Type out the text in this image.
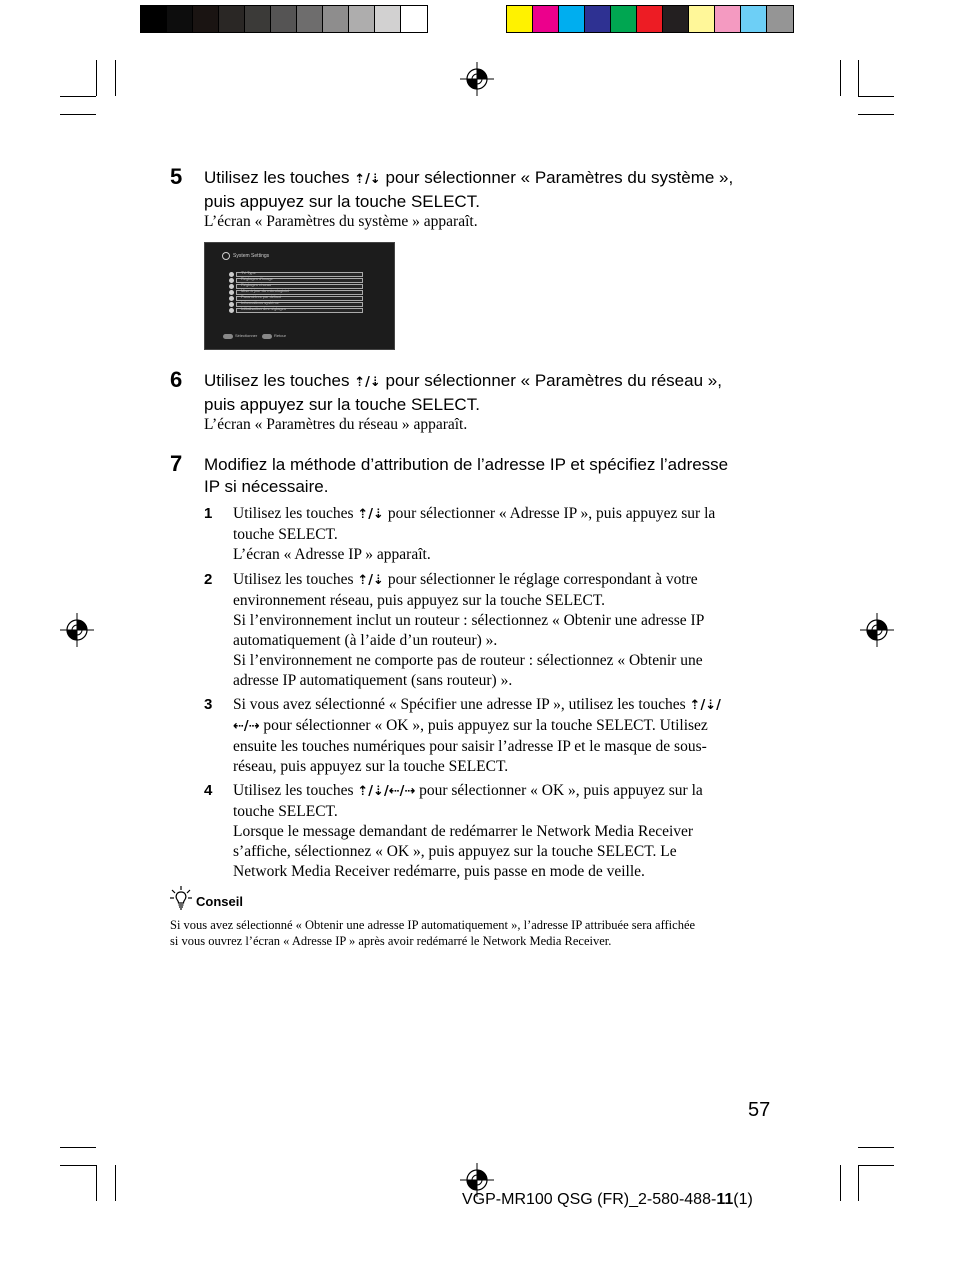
5 Utilisez les touches ⇡/⇣ pour sélectionner « Paramètres du système »,
puis appuyez sur la touche SELECT.
L’écran « Paramètres du système » apparaît.
System Settings
TV Type
Réglages d'image
Réglages réseau
Mise à jour du micrologiciel
Paramètres par défaut
Informations système
Initialisation des réglages
Sélectionner	Retour
6 Utilisez les touches ⇡/⇣ pour sélectionner « Paramètres du réseau »,
puis appuyez sur la touche SELECT.
L’écran « Paramètres du réseau » apparaît.
7 Modifiez la méthode d’attribution de l’adresse IP et spécifiez l’adresse
IP si nécessaire.
1 Utilisez les touches ⇡/⇣ pour sélectionner « Adresse IP », puis appuyez sur la
touche SELECT.
L’écran « Adresse IP » apparaît.
2 Utilisez les touches ⇡/⇣ pour sélectionner le réglage correspondant à votre
environnement réseau, puis appuyez sur la touche SELECT.
Si l’environnement inclut un routeur : sélectionnez « Obtenir une adresse IP
automatiquement (à l’aide d’un routeur) ».
Si l’environnement ne comporte pas de routeur : sélectionnez « Obtenir une
adresse IP automatiquement (sans routeur) ».
3 Si vous avez sélectionné « Spécifier une adresse IP », utilisez les touches ⇡/⇣/
⇠/⇢ pour sélectionner « OK », puis appuyez sur la touche SELECT. Utilisez
ensuite les touches numériques pour saisir l’adresse IP et le masque de sous-
réseau, puis appuyez sur la touche SELECT.
4 Utilisez les touches ⇡/⇣/⇠/⇢ pour sélectionner « OK », puis appuyez sur la
touche SELECT.
Lorsque le message demandant de redémarrer le Network Media Receiver
s’affiche, sélectionnez « OK », puis appuyez sur la touche SELECT. Le
Network Media Receiver redémarre, puis passe en mode de veille.
Conseil
Si vous avez sélectionné « Obtenir une adresse IP automatiquement », l’adresse IP attribuée sera affichée
si vous ouvrez l’écran « Adresse IP » après avoir redémarré le Network Media Receiver.
57
VGP-MR100 QSG (FR)_2-580-488-11(1)
